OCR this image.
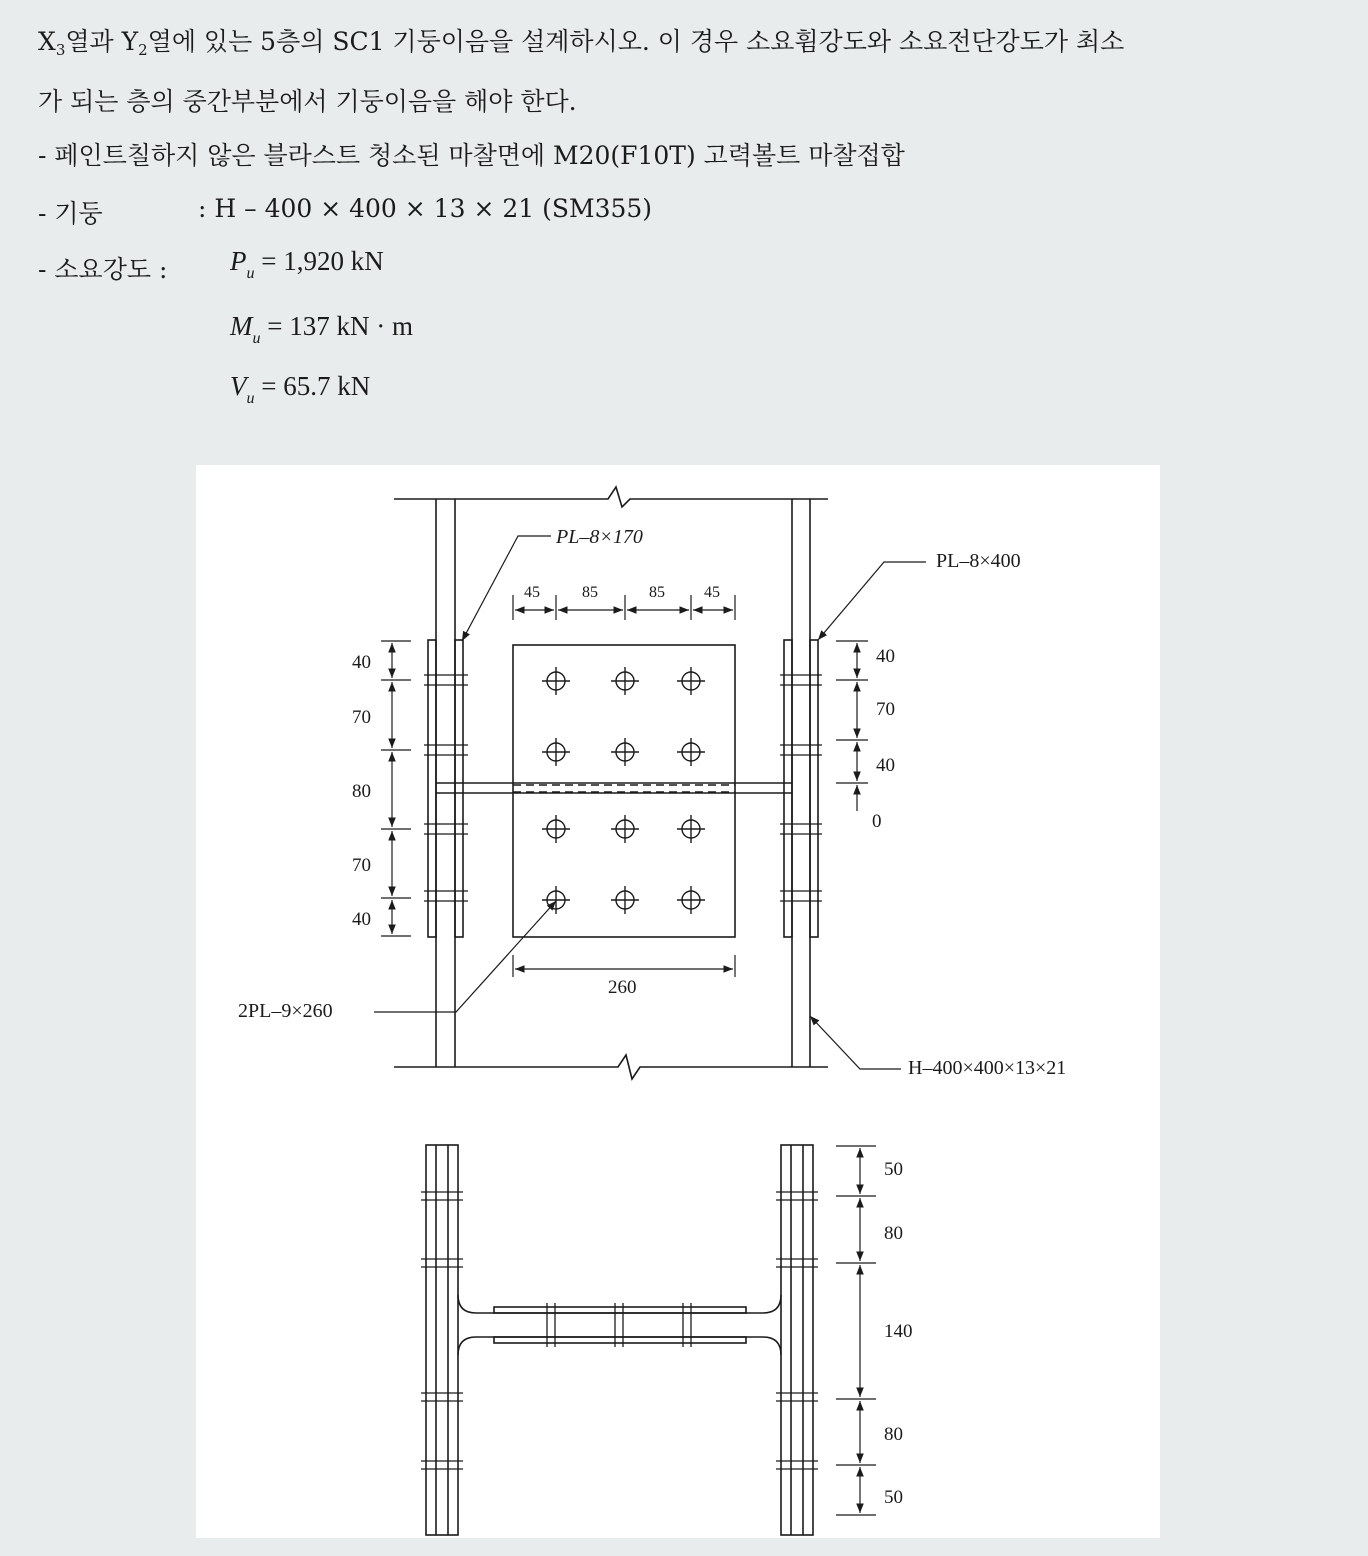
$X_3$열과 $Y_2$열에 있는 5층의 SC1 기둥이음을 설계하시오. 이 경우 소요휨강도와 소요전단강도가 최소
가 되는 층의 중간부분에서 기둥이음을 해야 한다.
- 페인트칠하지 않은 블라스트 청소된 마찰면에 M20(F10T) 고력볼트 마찰접합
- 기둥	: H – 400 × 400 × 13 × 21 (SM355)
- 소요강도 : $P_u = 1,920$ kN
$M_u = 137$ kN · m
$V_u = 65.7$ kN
PL–8×170
PL–8×400
2PL–9×260
H–400×400×13×21
45	85	85 45
40
70
80
70
40
40
70
40
0
260
50
80
140
80
50
